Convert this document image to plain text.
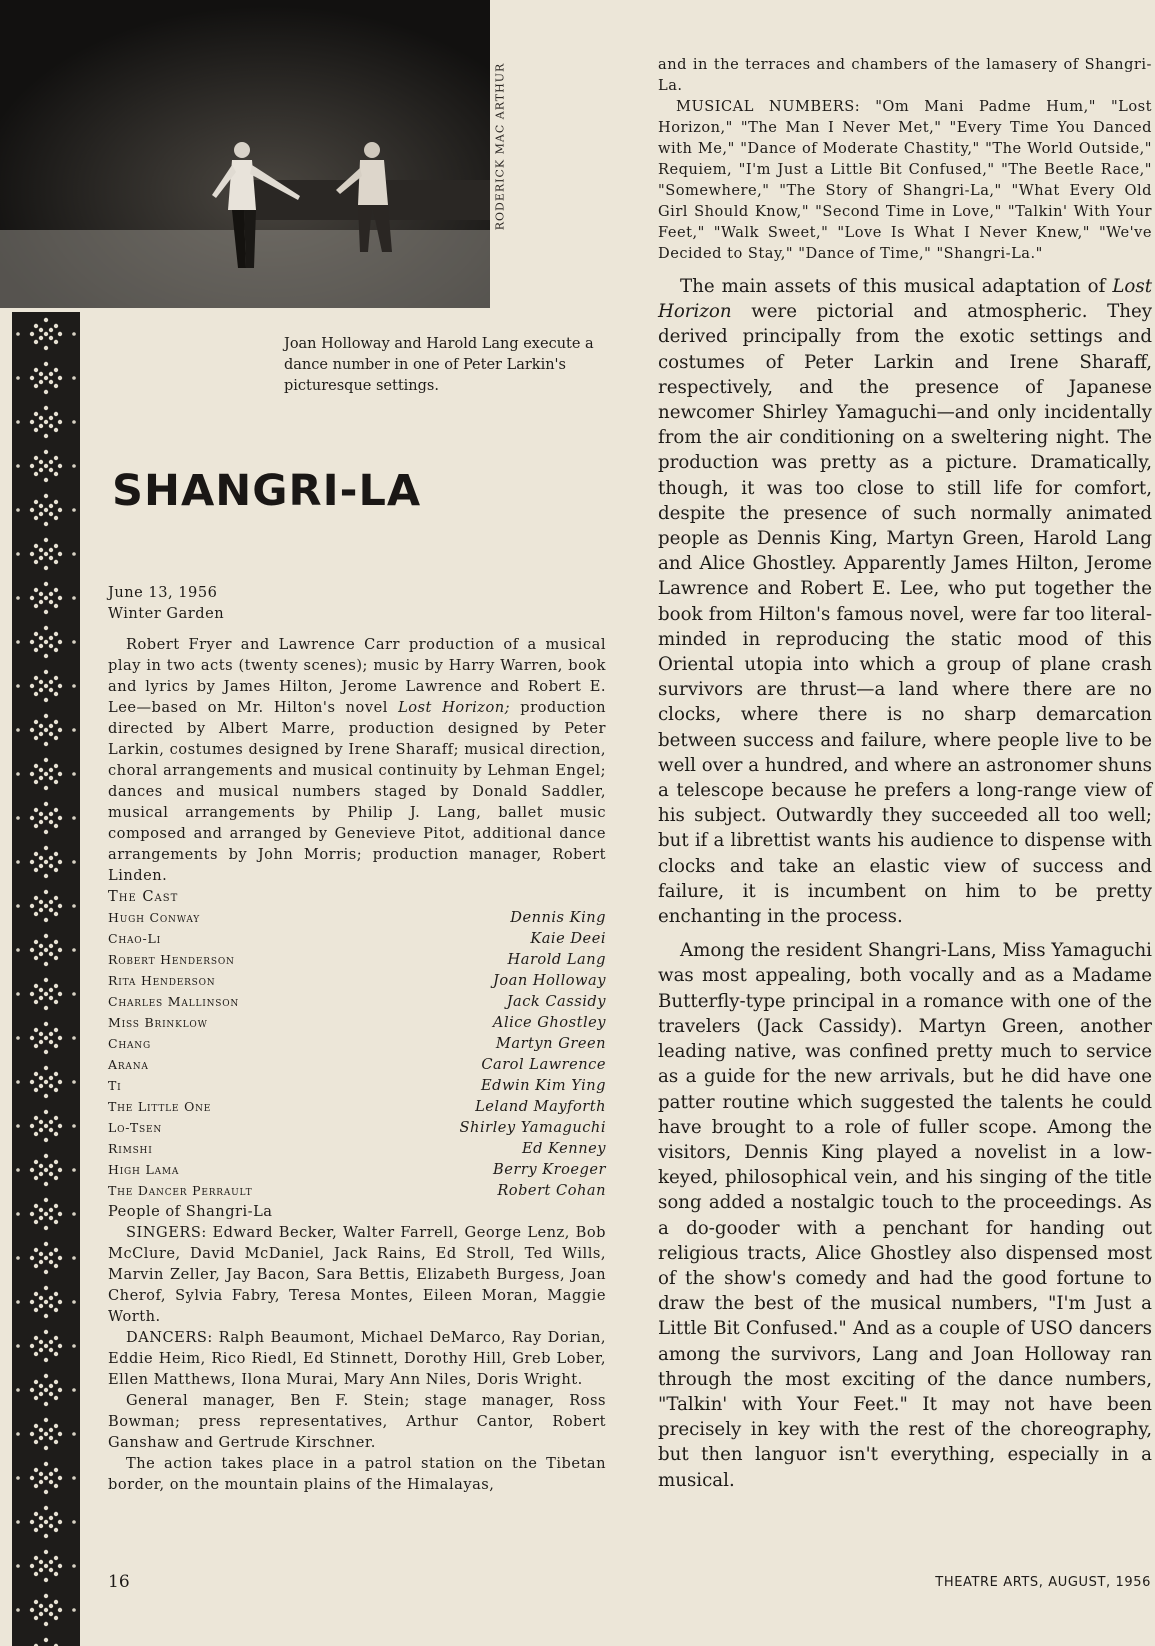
RODERICK MAC ARTHUR
Joan Holloway and Harold Lang execute a dance number in one of Peter Larkin's picturesque settings.
SHANGRI-LA

June 13, 1956

Winter Garden

Robert Fryer and Lawrence Carr production of a musical play in two acts (twenty scenes); music by Harry Warren, book and lyrics by James Hilton, Jerome Lawrence and Robert E. Lee—based on Mr. Hilton's novel Lost Horizon; production directed by Albert Marre, production designed by Peter Larkin, costumes designed by Irene Sharaff; musical direction, choral arrangements and musical continuity by Lehman Engel; dances and musical numbers staged by Donald Saddler, musical arrangements by Philip J. Lang, ballet music composed and arranged by Genevieve Pitot, additional dance arrangements by John Morris; production manager, Robert Linden.

The Cast

Hugh Conway	Dennis King
Chao-Li	Kaie Deei
Robert Henderson	Harold Lang
Rita Henderson	Joan Holloway
Charles Mallinson	Jack Cassidy
Miss Brinklow	Alice Ghostley
Chang	Martyn Green
Arana	Carol Lawrence
Ti	Edwin Kim Ying
The Little One	Leland Mayforth
Lo-Tsen	Shirley Yamaguchi
Rimshi	Ed Kenney
High Lama	Berry Kroeger
The Dancer Perrault	Robert Cohan

People of Shangri-La

SINGERS: Edward Becker, Walter Farrell, George Lenz, Bob McClure, David McDaniel, Jack Rains, Ed Stroll, Ted Wills, Marvin Zeller, Jay Bacon, Sara Bettis, Elizabeth Burgess, Joan Cherof, Sylvia Fabry, Teresa Montes, Eileen Moran, Maggie Worth.

DANCERS: Ralph Beaumont, Michael DeMarco, Ray Dorian, Eddie Heim, Rico Riedl, Ed Stinnett, Dorothy Hill, Greb Lober, Ellen Matthews, Ilona Murai, Mary Ann Niles, Doris Wright.

General manager, Ben F. Stein; stage manager, Ross Bowman; press representatives, Arthur Cantor, Robert Ganshaw and Gertrude Kirschner.

The action takes place in a patrol station on the Tibetan border, on the mountain plains of the Himalayas,

and in the terraces and chambers of the lamasery of Shangri-La.

MUSICAL NUMBERS: "Om Mani Padme Hum," "Lost Horizon," "The Man I Never Met," "Every Time You Danced with Me," "Dance of Moderate Chastity," "The World Outside," Requiem, "I'm Just a Little Bit Confused," "The Beetle Race," "Somewhere," "The Story of Shangri-La," "What Every Old Girl Should Know," "Second Time in Love," "Talkin' With Your Feet," "Walk Sweet," "Love Is What I Never Knew," "We've Decided to Stay," "Dance of Time," "Shangri-La."

The main assets of this musical adaptation of Lost Horizon were pictorial and atmospheric. They derived principally from the exotic settings and costumes of Peter Larkin and Irene Sharaff, respectively, and the presence of Japanese newcomer Shirley Yamaguchi—and only incidentally from the air conditioning on a sweltering night. The production was pretty as a picture. Dramatically, though, it was too close to still life for comfort, despite the presence of such normally animated people as Dennis King, Martyn Green, Harold Lang and Alice Ghostley. Apparently James Hilton, Jerome Lawrence and Robert E. Lee, who put together the book from Hilton's famous novel, were far too literal-minded in reproducing the static mood of this Oriental utopia into which a group of plane crash survivors are thrust—a land where there are no clocks, where there is no sharp demarcation between success and failure, where people live to be well over a hundred, and where an astronomer shuns a telescope because he prefers a long-range view of his subject. Outwardly they succeeded all too well; but if a librettist wants his audience to dispense with clocks and take an elastic view of success and failure, it is incumbent on him to be pretty enchanting in the process.

Among the resident Shangri-Lans, Miss Yamaguchi was most appealing, both vocally and as a Madame Butterfly-type principal in a romance with one of the travelers (Jack Cassidy). Martyn Green, another leading native, was confined pretty much to service as a guide for the new arrivals, but he did have one patter routine which suggested the talents he could have brought to a role of fuller scope. Among the visitors, Dennis King played a novelist in a low-keyed, philosophical vein, and his singing of the title song added a nostalgic touch to the proceedings. As a do-gooder with a penchant for handing out religious tracts, Alice Ghostley also dispensed most of the show's comedy and had the good fortune to draw the best of the musical numbers, "I'm Just a Little Bit Confused." And as a couple of USO dancers among the survivors, Lang and Joan Holloway ran through the most exciting of the dance numbers, "Talkin' with Your Feet." It may not have been precisely in key with the rest of the choreography, but then languor isn't everything, especially in a musical.

16	THEATRE ARTS, AUGUST, 1956
